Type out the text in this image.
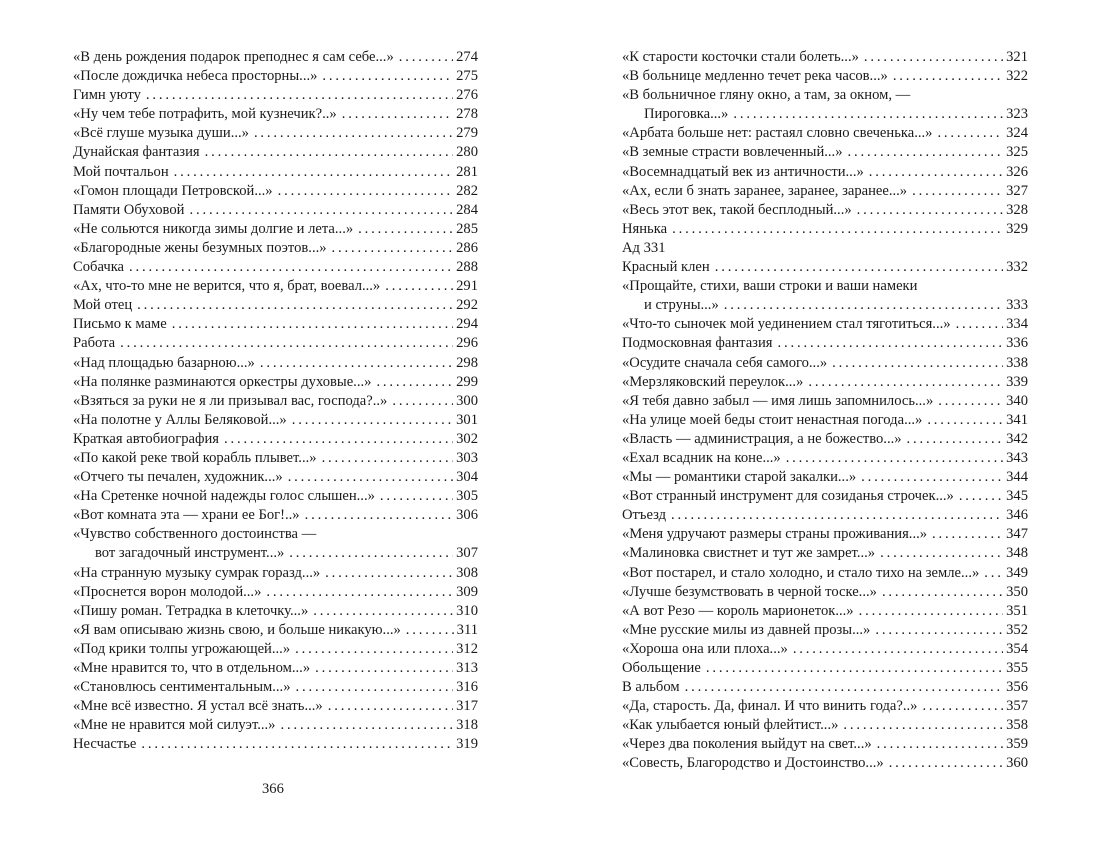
«В день рождения подарок преподнес я сам себе...» . . .	274
«После дождичка небеса просторны...» . . .	275
Гимн уюту . . .	276
«Ну чем тебе потрафить, мой кузнечик?..» . . .	278
«Всё глуше музыка души...» . . .	279
Дунайская фантазия . . .	280
Мой почтальон . . .	281
«Гомон площади Петровской...» . . .	282
Памяти Обуховой . . .	284
«Не сольются никогда зимы долгие и лета...» . . .	285
«Благородные жены безумных поэтов...» . . .	286
Собачка . . .	288
«Ах, что-то мне не верится, что я, брат, воевал...» . . .	291
Мой отец . . .	292
Письмо к маме . . .	294
Работа . . .	296
«Над площадью базарною...» . . .	298
«На полянке разминаются оркестры духовые...» . . .	299
«Взяться за руки не я ли призывал вас, господа?..» . . .	300
«На полотне у Аллы Беляковой...» . . .	301
Краткая автобиография . . .	302
«По какой реке твой корабль плывет...» . . .	303
«Отчего ты печален, художник...» . . .	304
«На Сретенке ночной надежды голос слышен...» . . .	305
«Вот комната эта — храни ее Бог!..» . . .	306
«Чувство собственного достоинства —
вот загадочный инструмент...» . . .	307
«На странную музыку сумрак горазд...» . . .	308
«Проснется ворон молодой...» . . .	309
«Пишу роман. Тетрадка в клеточку...» . . .	310
«Я вам описываю жизнь свою, и больше никакую...» . . .	311
«Под крики толпы угрожающей...» . . .	312
«Мне нравится то, что в отдельном...» . . .	313
«Становлюсь сентиментальным...» . . .	316
«Мне всё известно. Я устал всё знать...» . . .	317
«Мне не нравится мой силуэт...» . . .	318
Несчастье . . .	319
366
«К старости косточки стали болеть...» . . .	321
«В больнице медленно течет река часов...» . . .	322
«В больничное гляну окно, а там, за окном, —
Пироговка...» . . .	323
«Арбата больше нет: растаял словно свеченька...» . . .	324
«В земные страсти вовлеченный...» . . .	325
«Восемнадцатый век из античности...» . . .	326
«Ах, если б знать заранее, заранее, заранее...» . . .	327
«Весь этот век, такой бесплодный...» . . .	328
Нянька . . .	329
Ад 331
Красный клен . . .	332
«Прощайте, стихи, ваши строки и ваши намеки
и струны...» . . .	333
«Что-то сыночек мой уединением стал тяготиться...» . . .	334
Подмосковная фантазия . . .	336
«Осудите сначала себя самого...» . . .	338
«Мерзляковский переулок...» . . .	339
«Я тебя давно забыл — имя лишь запомнилось...» . . .	340
«На улице моей беды стоит ненастная погода...» . . .	341
«Власть — администрация, а не божество...» . . .	342
«Ехал всадник на коне...» . . .	343
«Мы — романтики старой закалки...» . . .	344
«Вот странный инструмент для созиданья строчек...» . . .	345
Отъезд . . .	346
«Меня удручают размеры страны проживания...» . . .	347
«Малиновка свистнет и тут же замрет...» . . .	348
«Вот постарел, и стало холодно, и стало тихо на земле...» . . . 349
«Лучше безумствовать в черной тоске...» . . .	350
«А вот Резо — король марионеток...» . . .	351
«Мне русские милы из давней прозы...» . . .	352
«Хороша она или плоха...» . . .	354
Обольщение . . .	355
В альбом . . .	356
«Да, старость. Да, финал. И что винить года?..» . . .	357
«Как улыбается юный флейтист...» . . .	358
«Через два поколения выйдут на свет...» . . .	359
«Совесть, Благородство и Достоинство...» . . .	360
